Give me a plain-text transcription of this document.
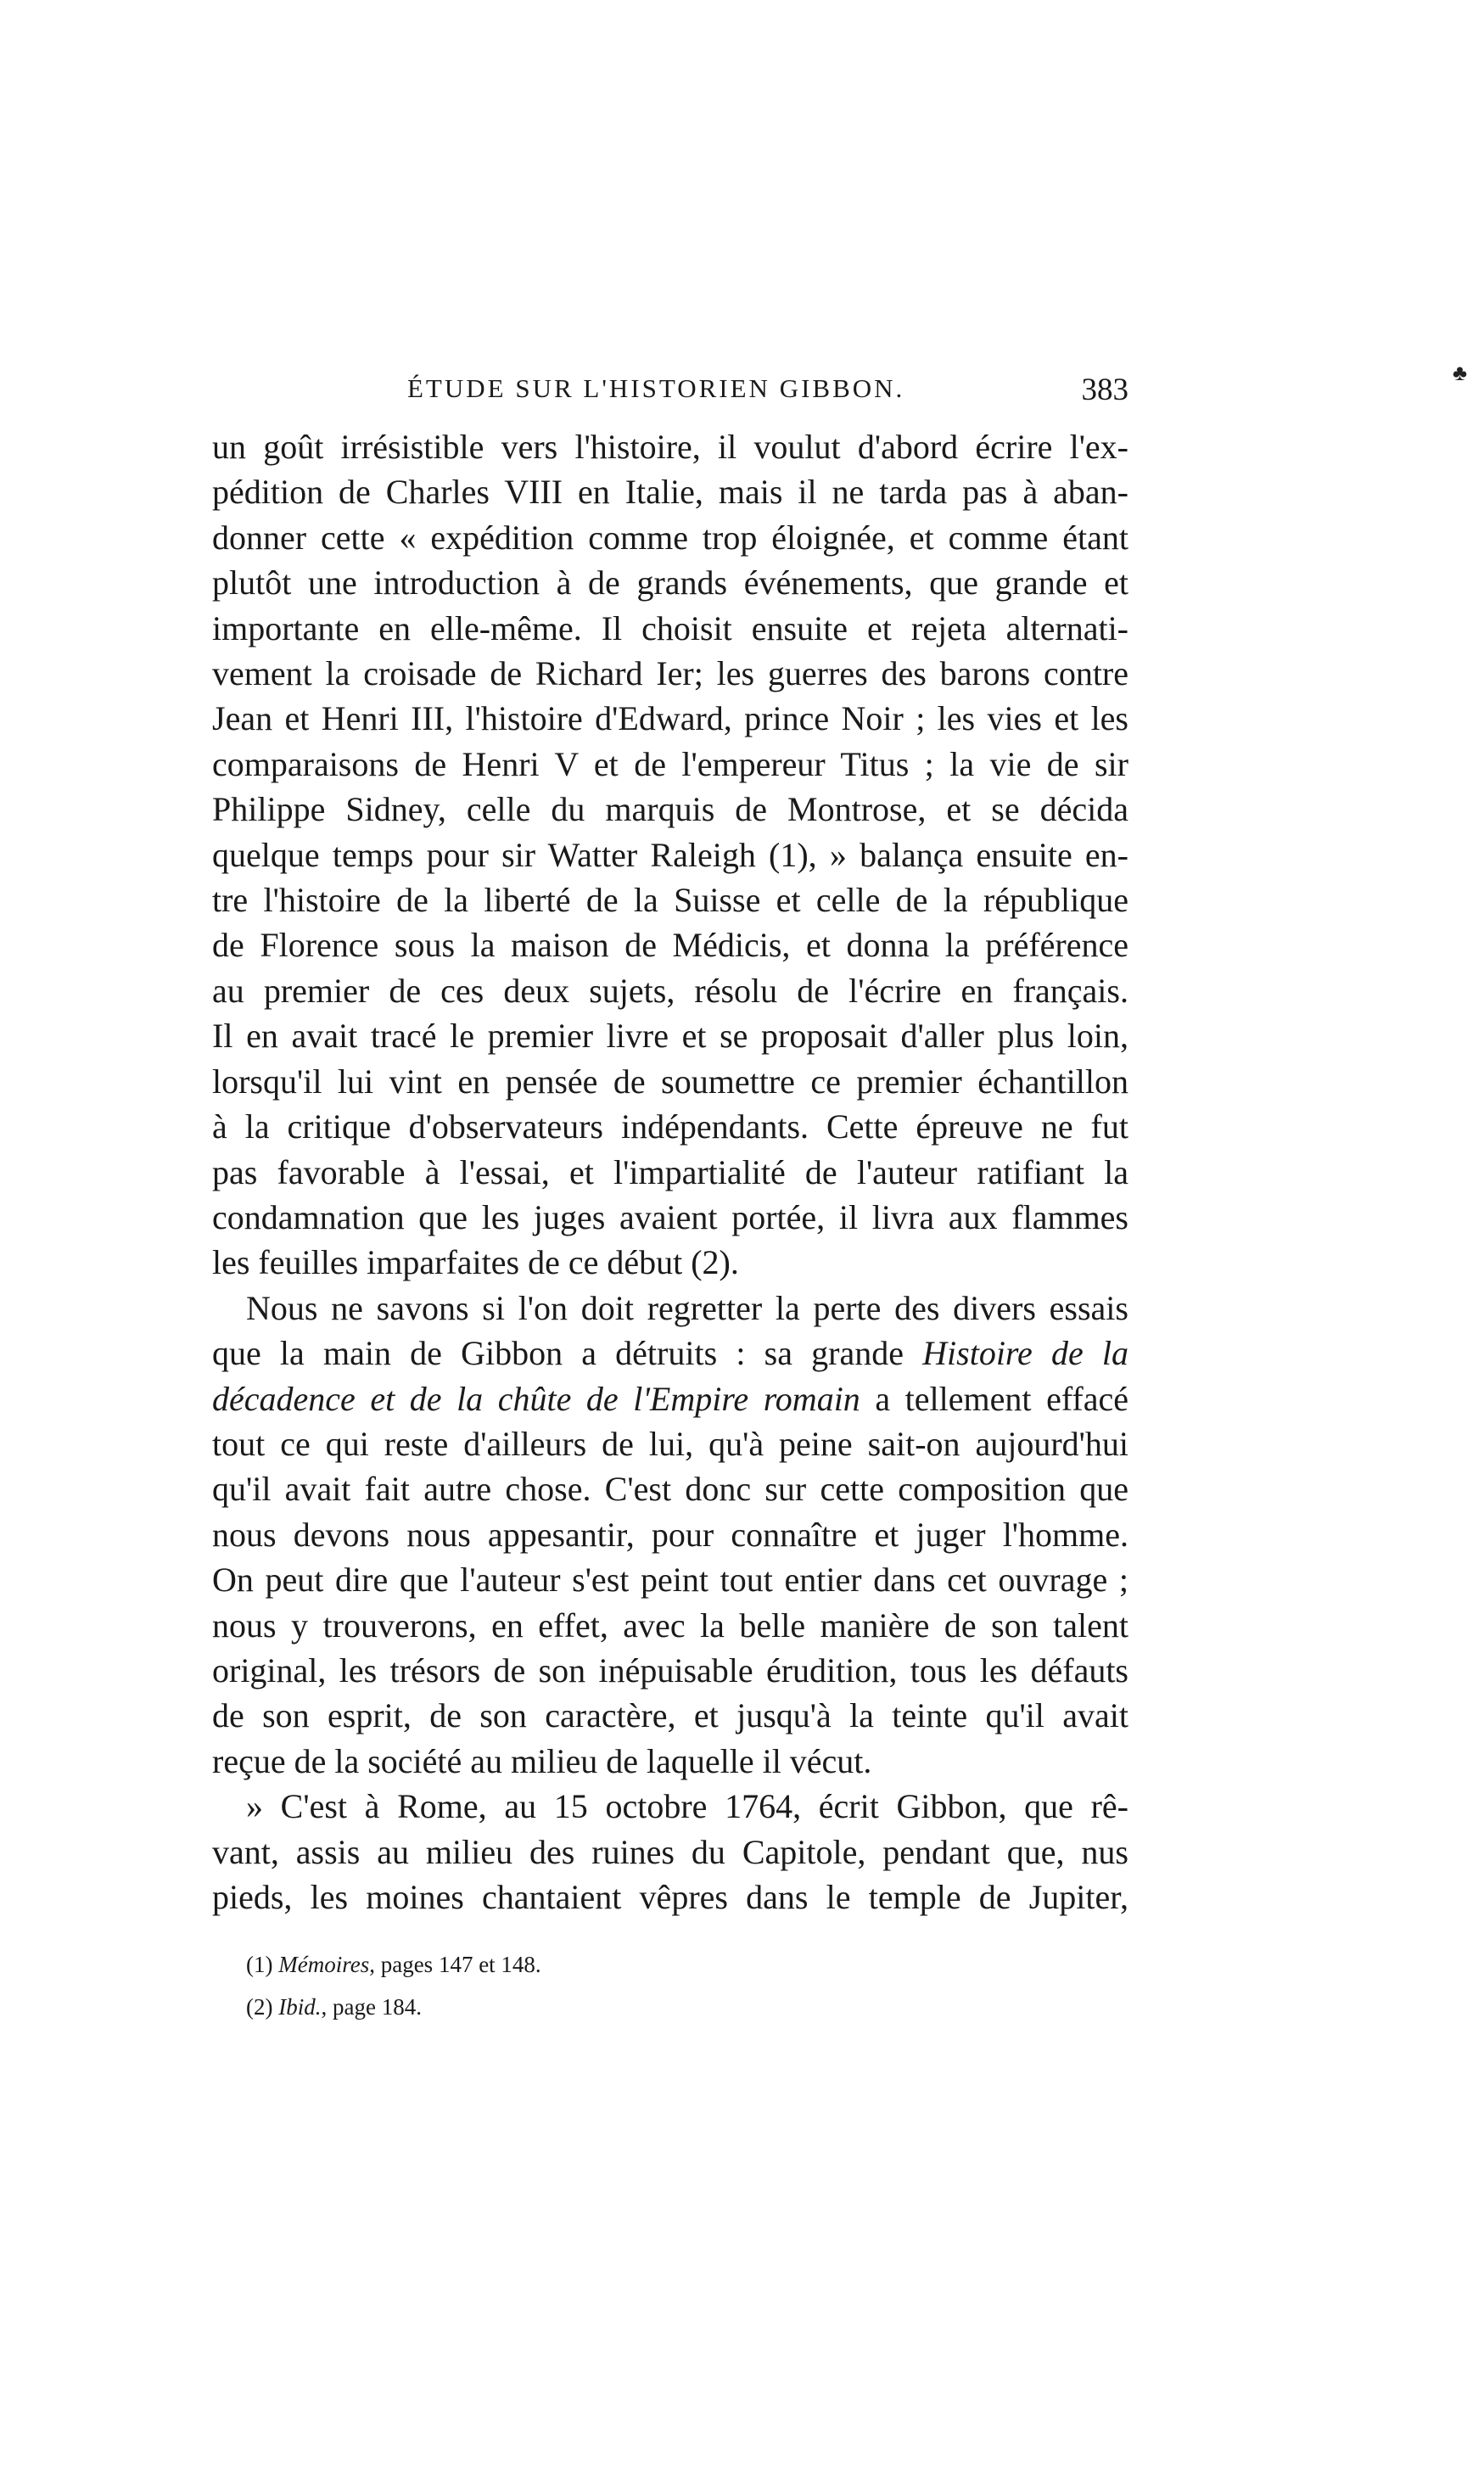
♣
ÉTUDE SUR L'HISTORIEN GIBBON.	383
un goût irrésistible vers l'histoire, il voulut d'abord écrire l'ex-
pédition de Charles VIII en Italie, mais il ne tarda pas à aban-
donner cette « expédition comme trop éloignée, et comme étant
plutôt une introduction à de grands événements, que grande et
importante en elle-même. Il choisit ensuite et rejeta alternati-
vement la croisade de Richard Ier; les guerres des barons contre
Jean et Henri III, l'histoire d'Edward, prince Noir ; les vies et les
comparaisons de Henri V et de l'empereur Titus ; la vie de sir
Philippe Sidney, celle du marquis de Montrose, et se décida
quelque temps pour sir Watter Raleigh (1), » balança ensuite en-
tre l'histoire de la liberté de la Suisse et celle de la république
de Florence sous la maison de Médicis, et donna la préférence
au premier de ces deux sujets, résolu de l'écrire en français.
Il en avait tracé le premier livre et se proposait d'aller plus loin,
lorsqu'il lui vint en pensée de soumettre ce premier échantillon
à la critique d'observateurs indépendants. Cette épreuve ne fut
pas favorable à l'essai, et l'impartialité de l'auteur ratifiant la
condamnation que les juges avaient portée, il livra aux flammes
les feuilles imparfaites de ce début (2).
Nous ne savons si l'on doit regretter la perte des divers essais
que la main de Gibbon a détruits : sa grande Histoire de la
décadence et de la chûte de l'Empire romain a tellement effacé
tout ce qui reste d'ailleurs de lui, qu'à peine sait-on aujourd'hui
qu'il avait fait autre chose. C'est donc sur cette composition que
nous devons nous appesantir, pour connaître et juger l'homme.
On peut dire que l'auteur s'est peint tout entier dans cet ouvrage ;
nous y trouverons, en effet, avec la belle manière de son talent
original, les trésors de son inépuisable érudition, tous les défauts
de son esprit, de son caractère, et jusqu'à la teinte qu'il avait
reçue de la société au milieu de laquelle il vécut.
» C'est à Rome, au 15 octobre 1764, écrit Gibbon, que rê-
vant, assis au milieu des ruines du Capitole, pendant que, nus
pieds, les moines chantaient vêpres dans le temple de Jupiter,
(1) Mémoires, pages 147 et 148.
(2) Ibid., page 184.
